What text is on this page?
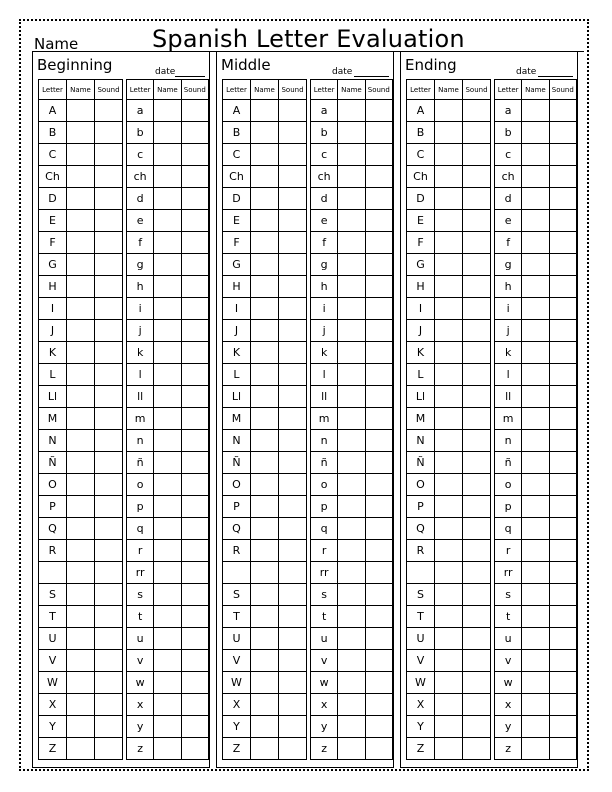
Name	Spanish Letter Evaluation
Beginning	date
Letter	Name	Sound
A		
B		
C		
Ch		
D		
E		
F		
G		
H		
I		
J		
K		
L		
Ll		
M		
N		
Ñ		
O		
P		
Q		
R		

S		
T		
U		
V		
W		
X		
Y		
Z		
Letter	Name	Sound
a		
b		
c		
ch		
d		
e		
f		
g		
h		
i		
j		
k		
l		
ll		
m		
n		
ñ		
o		
p		
q		
r		
rr		
s		
t		
u		
v		
w		
x		
y		
z		
Middle	date
Letter	Name	Sound
A		
B		
C		
Ch		
D		
E		
F		
G		
H		
I		
J		
K		
L		
Ll		
M		
N		
Ñ		
O		
P		
Q		
R		

S		
T		
U		
V		
W		
X		
Y		
Z		
Letter	Name	Sound
a		
b		
c		
ch		
d		
e		
f		
g		
h		
i		
j		
k		
l		
ll		
m		
n		
ñ		
o		
p		
q		
r		
rr		
s		
t		
u		
v		
w		
x		
y		
z		
Ending	date
Letter	Name	Sound
A		
B		
C		
Ch		
D		
E		
F		
G		
H		
I		
J		
K		
L		
Ll		
M		
N		
Ñ		
O		
P		
Q		
R		

S		
T		
U		
V		
W		
X		
Y		
Z		
Letter	Name	Sound
a		
b		
c		
ch		
d		
e		
f		
g		
h		
i		
j		
k		
l		
ll		
m		
n		
ñ		
o		
p		
q		
r		
rr		
s		
t		
u		
v		
w		
x		
y		
z		
